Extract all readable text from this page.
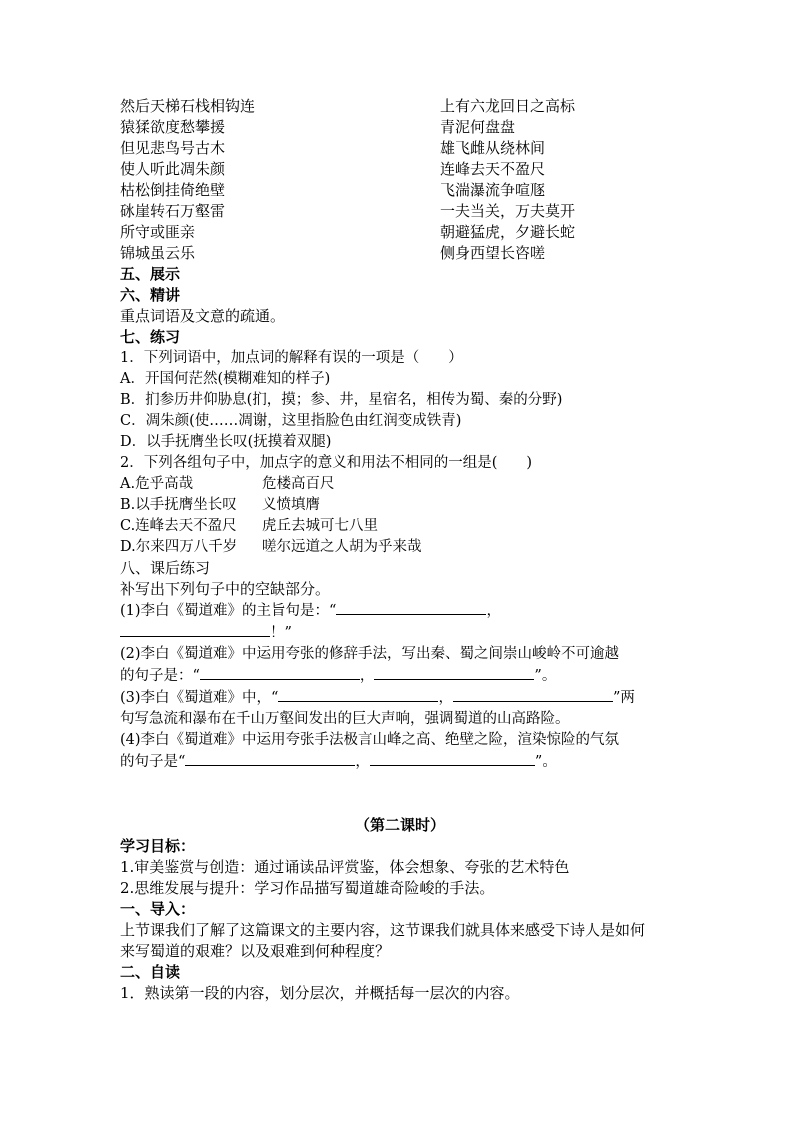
然后天梯石栈相钩连	上有六龙回日之高标
猿猱欲度愁攀援	青泥何盘盘
但见悲鸟号古木	雄飞雌从绕林间
使人听此凋朱颜	连峰去天不盈尺
枯松倒挂倚绝壁	飞湍瀑流争喧豗
砯崖转石万壑雷	一夫当关，万夫莫开
所守或匪亲	朝避猛虎，夕避长蛇
锦城虽云乐	侧身西望长咨嗟
五、展示
六、精讲
重点词语及文意的疏通。
七、练习
1．下列词语中，加点词的解释有误的一项是（　　）
A．开国何茫然(模糊难知的样子)
B．扪参历井仰胁息(扪，摸；参、井，星宿名，相传为蜀、秦的分野)
C．凋朱颜(使……凋谢，这里指脸色由红润变成铁青)
D．以手抚膺坐长叹(抚摸着双腿)
2．下列各组句子中，加点字的意义和用法不相同的一组是(　　)
A.危乎高哉	危楼高百尺
B.以手抚膺坐长叹 义愤填膺
C.连峰去天不盈尺 虎丘去城可七八里
D.尔来四万八千岁 嗟尔远道之人胡为乎来哉
八、课后练习
补写出下列句子中的空缺部分。
(1)李白《蜀道难》的主旨句是：“	，
！”
(2)李白《蜀道难》中运用夸张的修辞手法，写出秦、蜀之间崇山峻岭不可逾越
的句子是：“	，	”。
(3)李白《蜀道难》中，“	，	”两
句写急流和瀑布在千山万壑间发出的巨大声响，强调蜀道的山高路险。
(4)李白《蜀道难》中运用夸张手法极言山峰之高、绝壁之险，渲染惊险的气氛
的句子是“	，	”。
（第二课时）
学习目标：
1.审美鉴赏与创造：通过诵读品评赏鉴，体会想象、夸张的艺术特色
2.思维发展与提升：学习作品描写蜀道雄奇险峻的手法。
一、导入：
上节课我们了解了这篇课文的主要内容，这节课我们就具体来感受下诗人是如何
来写蜀道的艰难？以及艰难到何种程度？
二、自读
1．熟读第一段的内容，划分层次，并概括每一层次的内容。
